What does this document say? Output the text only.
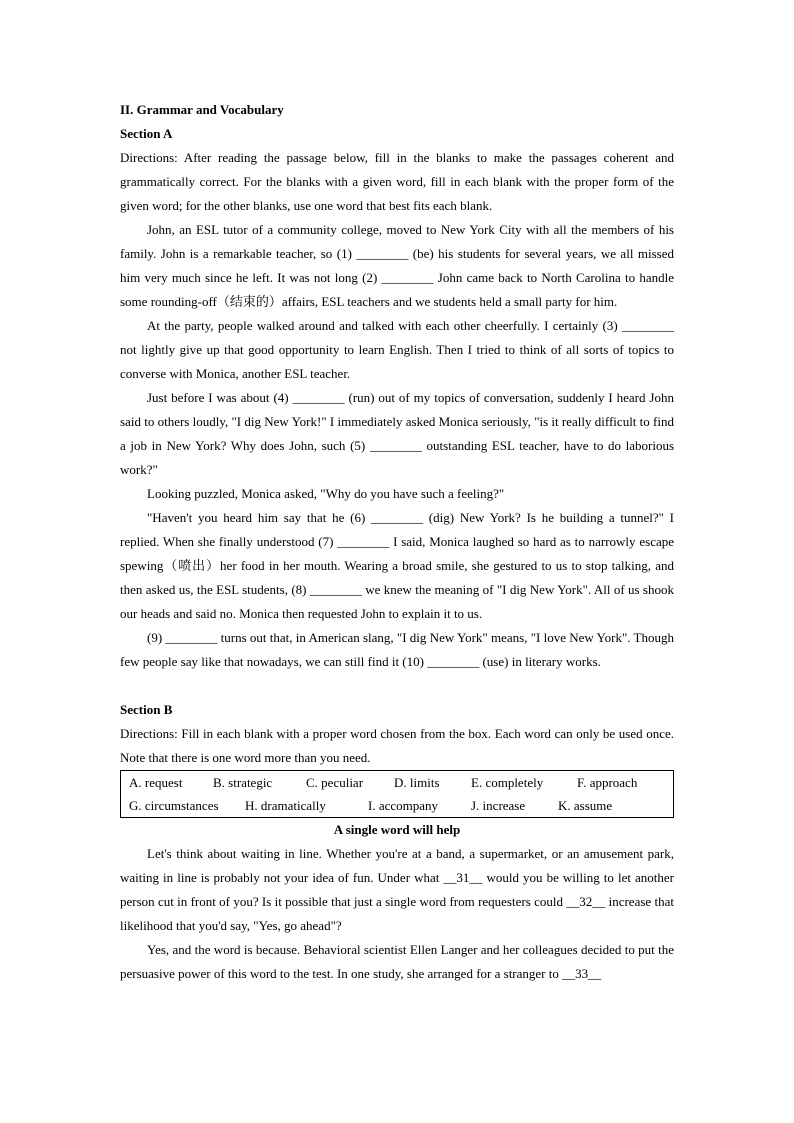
II. Grammar and Vocabulary

Section A

Directions: After reading the passage below, fill in the blanks to make the passages coherent and grammatically correct. For the blanks with a given word, fill in each blank with the proper form of the given word; for the other blanks, use one word that best fits each blank.

John, an ESL tutor of a community college, moved to New York City with all the members of his family. John is a remarkable teacher, so (1) ________ (be) his students for several years, we all missed him very much since he left. It was not long (2) ________ John came back to North Carolina to handle some rounding-off（结束的）affairs, ESL teachers and we students held a small party for him.

At the party, people walked around and talked with each other cheerfully. I certainly (3) ________ not lightly give up that good opportunity to learn English. Then I tried to think of all sorts of topics to converse with Monica, another ESL teacher.

Just before I was about (4) ________ (run) out of my topics of conversation, suddenly I heard John said to others loudly, "I dig New York!" I immediately asked Monica seriously, "is it really difficult to find a job in New York? Why does John, such (5) ________ outstanding ESL teacher, have to do laborious work?"

Looking puzzled, Monica asked, "Why do you have such a feeling?"

"Haven't you heard him say that he (6) ________ (dig) New York? Is he building a tunnel?" I replied. When she finally understood (7) ________ I said, Monica laughed so hard as to narrowly escape spewing（喷出）her food in her mouth. Wearing a broad smile, she gestured to us to stop talking, and then asked us, the ESL students, (8) ________ we knew the meaning of "I dig New York". All of us shook our heads and said no. Monica then requested John to explain it to us.

(9) ________ turns out that, in American slang, "I dig New York" means, "I love New York". Though few people say like that nowadays, we can still find it (10) ________ (use) in literary works.

Section B

Directions: Fill in each blank with a proper word chosen from the box. Each word can only be used once. Note that there is one word more than you need.

A. request	B. strategic	C. peculiar	D. limits	E. completely	F. approach
G. circumstances	H. dramatically	I. accompany	J. increase	K. assume

A single word will help

Let's think about waiting in line. Whether you're at a band, a supermarket, or an amusement park, waiting in line is probably not your idea of fun. Under what __31__ would you be willing to let another person cut in front of you? Is it possible that just a single word from requesters could __32__ increase that likelihood that you'd say, "Yes, go ahead"?

Yes, and the word is because. Behavioral scientist Ellen Langer and her colleagues decided to put the persuasive power of this word to the test. In one study, she arranged for a stranger to __33__
